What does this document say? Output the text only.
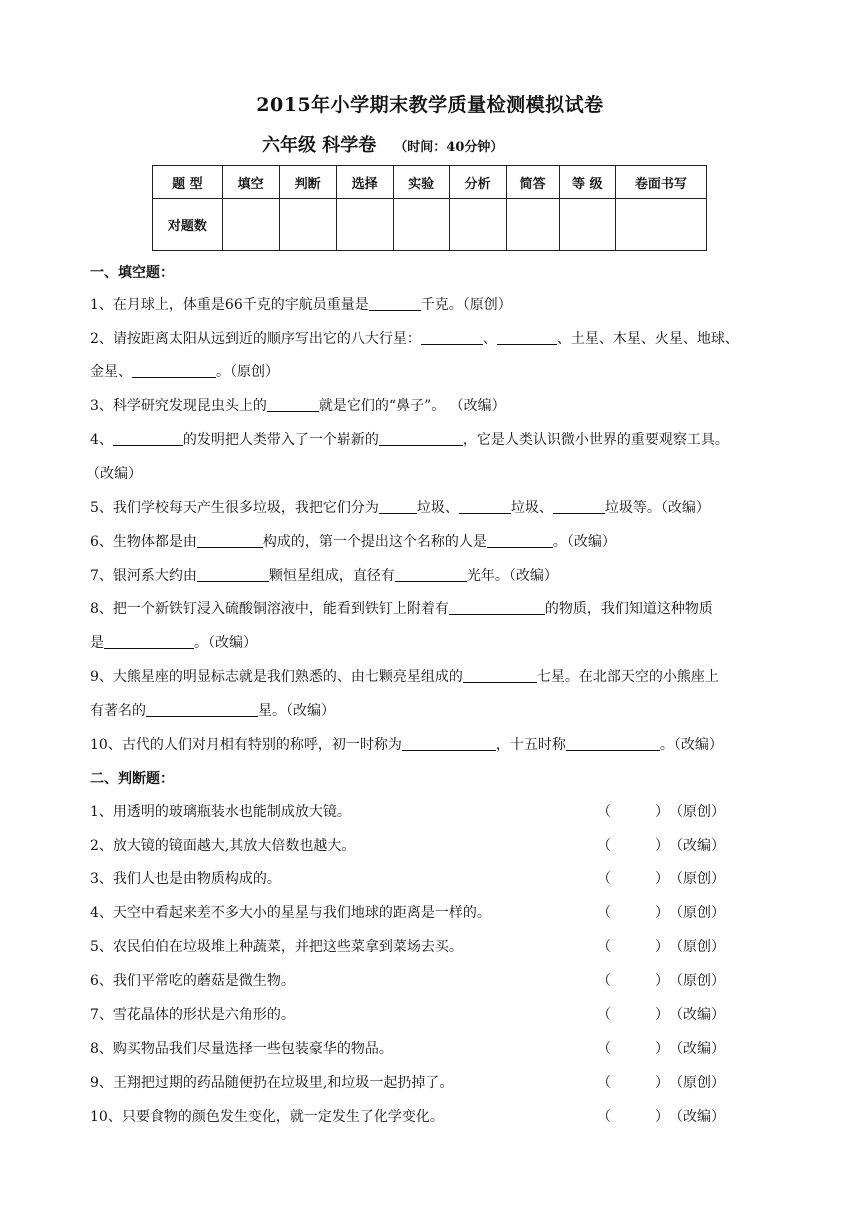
2015年小学期末教学质量检测模拟试卷
六年级 科学卷 （时间：40分钟）
题 型	填空	判断	选择	实验	分析	简答	等 级	卷面书写
对题数								
一、填空题：
1、在月球上，体重是66千克的宇航员重量是	千克。（原创）
2、请按距离太阳从远到近的顺序写出它的八大行星：	、	、土星、木星、火星、地球、
金星、	。（原创）
3、科学研究发现昆虫头上的	就是它们的“鼻子”。 （改编）
4、	的发明把人类带入了一个崭新的	，它是人类认识微小世界的重要观察工具。
（改编）
5、我们学校每天产生很多垃圾，我把它们分为	垃圾、	垃圾、	垃圾等。（改编）
6、生物体都是由	构成的，第一个提出这个名称的人是	。（改编）
7、银河系大约由	颗恒星组成，直径有	光年。（改编）
8、把一个新铁钉浸入硫酸铜溶液中，能看到铁钉上附着有	的物质，我们知道这种物质
是	。（改编）
9、大熊星座的明显标志就是我们熟悉的、由七颗亮星组成的	七星。在北部天空的小熊座上
有著名的	星。（改编）
10、古代的人们对月相有特别的称呼，初一时称为	，十五时称	。（改编）
二、判断题：
1、用透明的玻璃瓶装水也能制成放大镜。	（	） （原创）
2、放大镜的镜面越大,其放大倍数也越大。	（	） （改编）
3、我们人也是由物质构成的。	（	） （原创）
4、天空中看起来差不多大小的星星与我们地球的距离是一样的。	（	） （原创）
5、农民伯伯在垃圾堆上种蔬菜，并把这些菜拿到菜场去买。	（	） （原创）
6、我们平常吃的蘑菇是微生物。	（	） （原创）
7、雪花晶体的形状是六角形的。	（	） （改编）
8、购买物品我们尽量选择一些包装豪华的物品。	（	） （改编）
9、王翔把过期的药品随便扔在垃圾里,和垃圾一起扔掉了。	（	） （原创）
10、只要食物的颜色发生变化，就一定发生了化学变化。	（	） （改编）
